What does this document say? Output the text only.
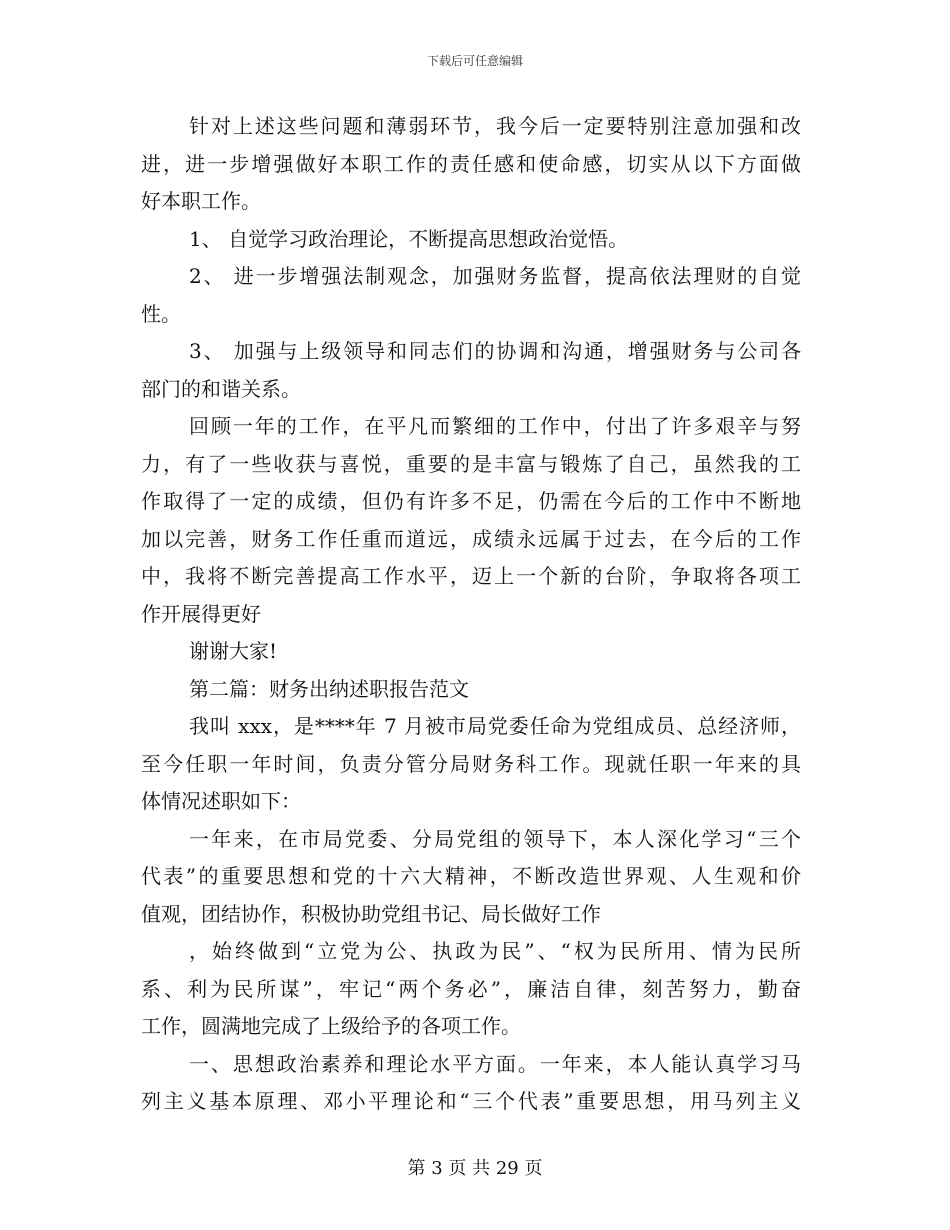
下载后可任意编辑
针对上述这些问题和薄弱环节，我今后一定要特别注意加强和改
进，进一步增强做好本职工作的责任感和使命感，切实从以下方面做
好本职工作。
1、 自觉学习政治理论，不断提高思想政治觉悟。
2、 进一步增强法制观念，加强财务监督，提高依法理财的自觉
性。
3、 加强与上级领导和同志们的协调和沟通，增强财务与公司各
部门的和谐关系。
回顾一年的工作，在平凡而繁细的工作中，付出了许多艰辛与努
力，有了一些收获与喜悦，重要的是丰富与锻炼了自己，虽然我的工
作取得了一定的成绩，但仍有许多不足，仍需在今后的工作中不断地
加以完善，财务工作任重而道远，成绩永远属于过去，在今后的工作
中，我将不断完善提高工作水平，迈上一个新的台阶，争取将各项工
作开展得更好
谢谢大家!
第二篇：财务出纳述职报告范文
我叫 xxx，是****年 7 月被市局党委任命为党组成员、总经济师，
至今任职一年时间，负责分管分局财务科工作。现就任职一年来的具
体情况述职如下：
一年来，在市局党委、分局党组的领导下，本人深化学习“三个
代表”的重要思想和党的十六大精神，不断改造世界观、人生观和价
值观，团结协作，积极协助党组书记、局长做好工作
，始终做到“立党为公、执政为民”、“权为民所用、情为民所
系、利为民所谋”，牢记“两个务必”，廉洁自律，刻苦努力，勤奋
工作，圆满地完成了上级给予的各项工作。
一、思想政治素养和理论水平方面。一年来，本人能认真学习马
列主义基本原理、邓小平理论和“三个代表”重要思想，用马列主义
第 3 页 共 29 页
